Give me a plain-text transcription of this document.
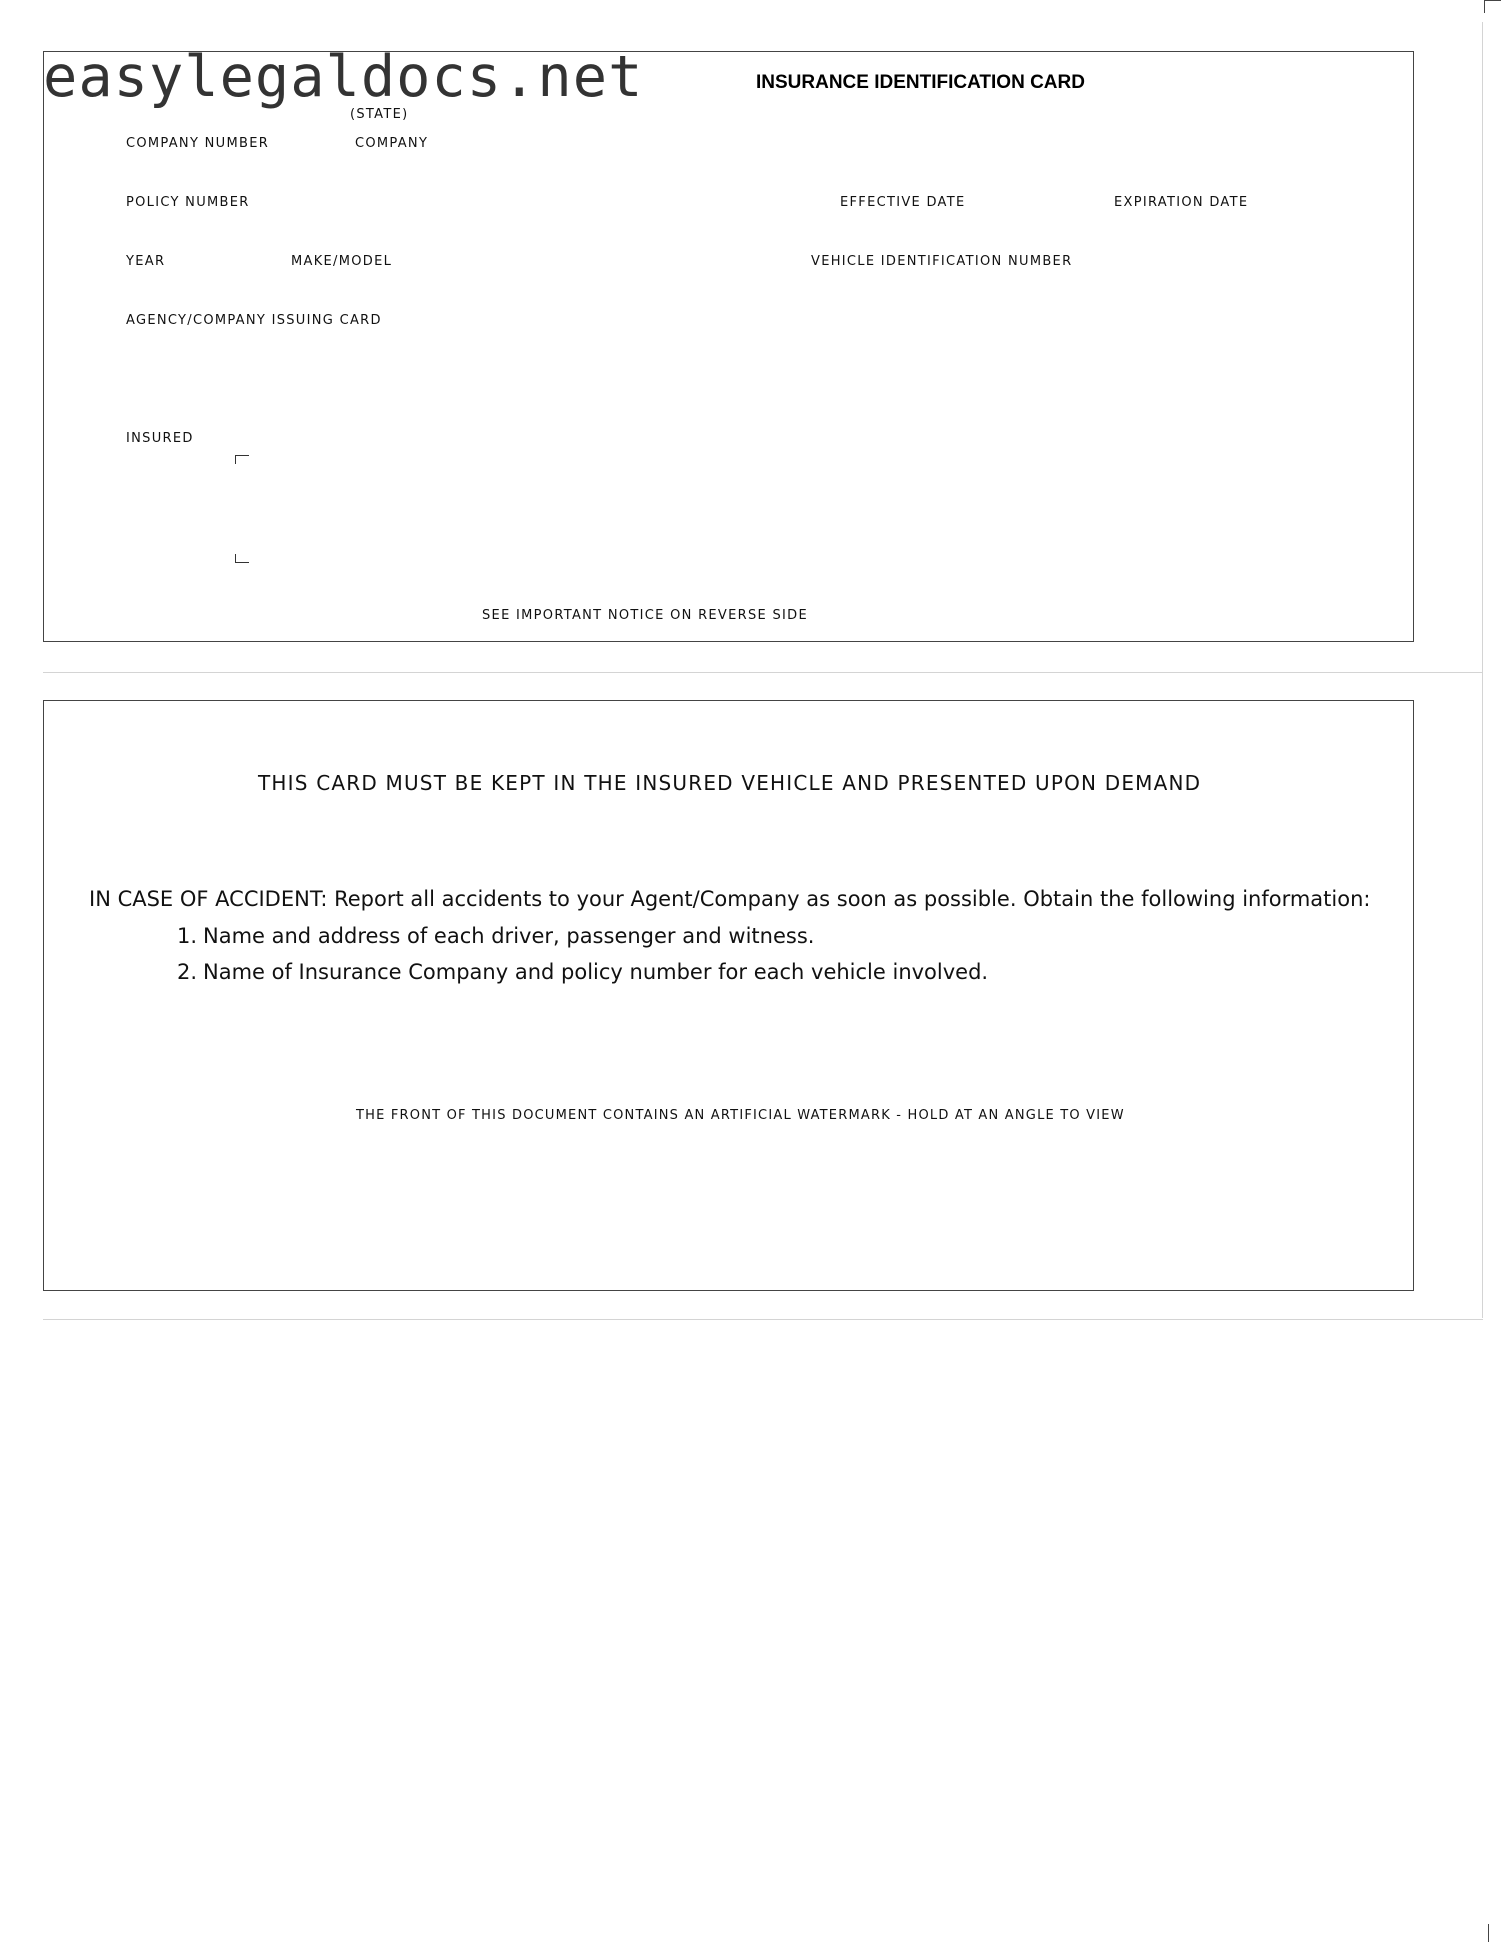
easylegaldocs.net	INSURANCE IDENTIFICATION CARD
(STATE)
COMPANY NUMBER	COMPANY
POLICY NUMBER	EFFECTIVE DATE	EXPIRATION DATE
YEAR	MAKE/MODEL	VEHICLE IDENTIFICATION NUMBER
AGENCY/COMPANY ISSUING CARD
INSURED
SEE IMPORTANT NOTICE ON REVERSE SIDE
THIS CARD MUST BE KEPT IN THE INSURED VEHICLE AND PRESENTED UPON DEMAND
IN CASE OF ACCIDENT: Report all accidents to your Agent/Company as soon as possible. Obtain the following information:
1. Name and address of each driver, passenger and witness.
2. Name of Insurance Company and policy number for each vehicle involved.
THE FRONT OF THIS DOCUMENT CONTAINS AN ARTIFICIAL WATERMARK - HOLD AT AN ANGLE TO VIEW
